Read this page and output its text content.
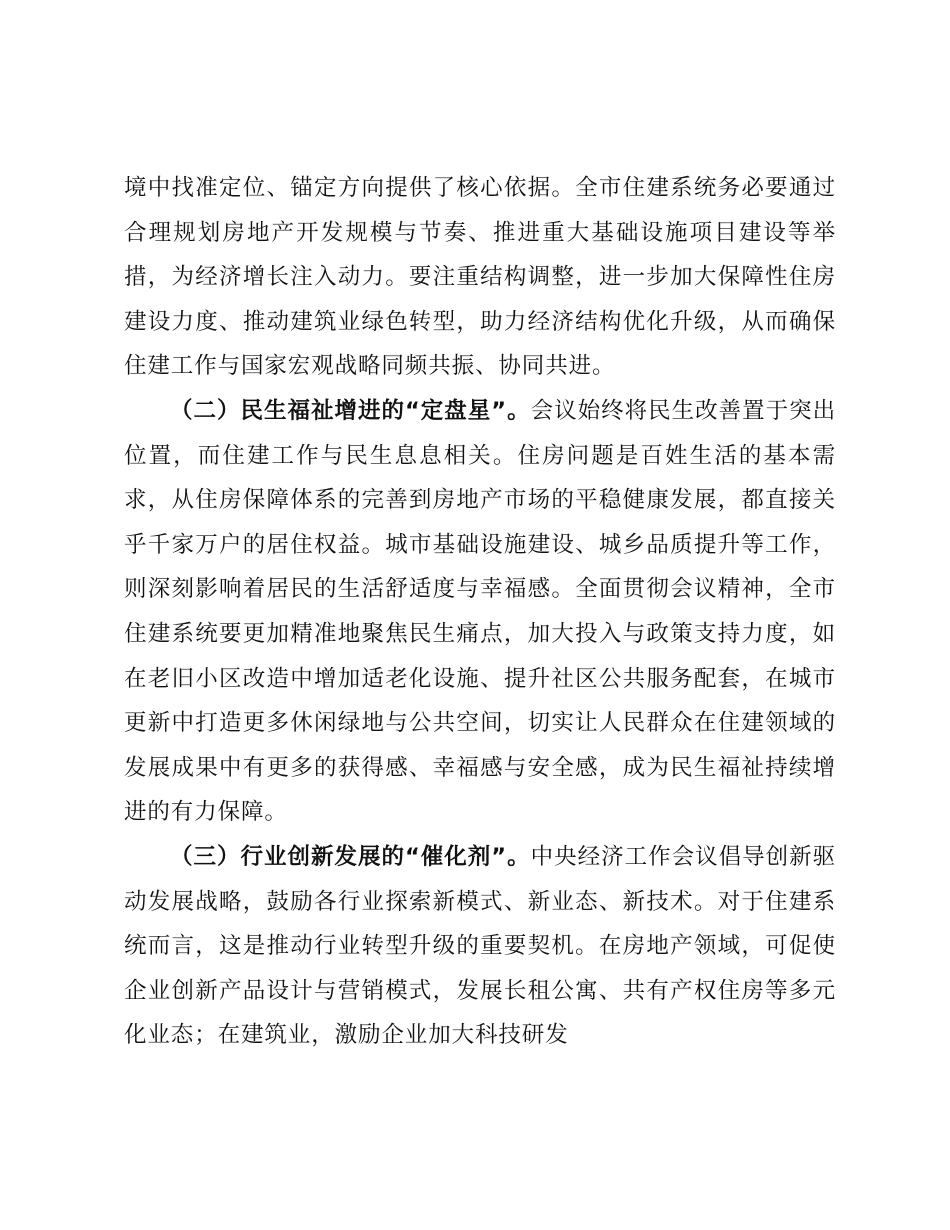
境中找准定位、锚定方向提供了核心依据。全市住建系统务必要通过合理规划房地产开发规模与节奏、推进重大基础设施项目建设等举措，为经济增长注入动力。要注重结构调整，进一步加大保障性住房建设力度、推动建筑业绿色转型，助力经济结构优化升级，从而确保住建工作与国家宏观战略同频共振、协同共进。

（二）民生福祉增进的“定盘星”。会议始终将民生改善置于突出位置，而住建工作与民生息息相关。住房问题是百姓生活的基本需求，从住房保障体系的完善到房地产市场的平稳健康发展，都直接关乎千家万户的居住权益。城市基础设施建设、城乡品质提升等工作，则深刻影响着居民的生活舒适度与幸福感。全面贯彻会议精神，全市住建系统要更加精准地聚焦民生痛点，加大投入与政策支持力度，如在老旧小区改造中增加适老化设施、提升社区公共服务配套，在城市更新中打造更多休闲绿地与公共空间，切实让人民群众在住建领域的发展成果中有更多的获得感、幸福感与安全感，成为民生福祉持续增进的有力保障。

（三）行业创新发展的“催化剂”。中央经济工作会议倡导创新驱动发展战略，鼓励各行业探索新模式、新业态、新技术。对于住建系统而言，这是推动行业转型升级的重要契机。在房地产领域，可促使企业创新产品设计与营销模式，发展长租公寓、共有产权住房等多元化业态；在建筑业，激励企业加大科技研发
